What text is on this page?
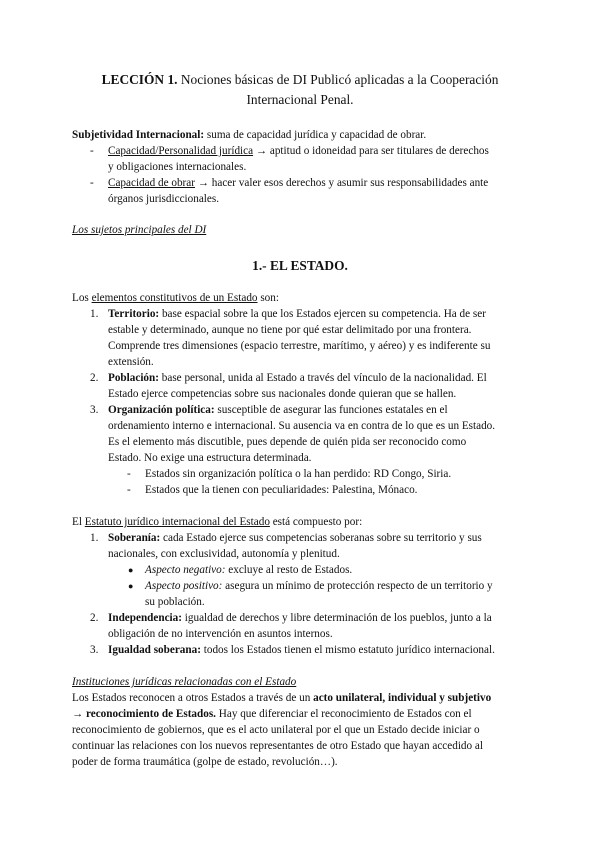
LECCIÓN 1. Nociones básicas de DI Publicó aplicadas a la Cooperación
Internacional Penal.
Subjetividad Internacional: suma de capacidad jurídica y capacidad de obrar.
- Capacidad/Personalidad jurídica → aptitud o idoneidad para ser titulares de derechos
y obligaciones internacionales.
- Capacidad de obrar → hacer valer esos derechos y asumir sus responsabilidades ante
órganos jurisdiccionales.
Los sujetos principales del DI
1.- EL ESTADO.
Los elementos constitutivos de un Estado son:
1. Territorio: base espacial sobre la que los Estados ejercen su competencia. Ha de ser
estable y determinado, aunque no tiene por qué estar delimitado por una frontera.
Comprende tres dimensiones (espacio terrestre, marítimo, y aéreo) y es indiferente su
extensión.
2. Población: base personal, unida al Estado a través del vínculo de la nacionalidad. El
Estado ejerce competencias sobre sus nacionales donde quieran que se hallen.
3. Organización política: susceptible de asegurar las funciones estatales en el
ordenamiento interno e internacional. Su ausencia va en contra de lo que es un Estado.
Es el elemento más discutible, pues depende de quién pida ser reconocido como
Estado. No exige una estructura determinada.
- Estados sin organización política o la han perdido: RD Congo, Siria.
- Estados que la tienen con peculiaridades: Palestina, Mónaco.
El Estatuto jurídico internacional del Estado está compuesto por:
1. Soberanía: cada Estado ejerce sus competencias soberanas sobre su territorio y sus
nacionales, con exclusividad, autonomía y plenitud.
● Aspecto negativo: excluye al resto de Estados.
● Aspecto positivo: asegura un mínimo de protección respecto de un territorio y
su población.
2. Independencia: igualdad de derechos y libre determinación de los pueblos, junto a la
obligación de no intervención en asuntos internos.
3. Igualdad soberana: todos los Estados tienen el mismo estatuto jurídico internacional.
Instituciones jurídicas relacionadas con el Estado
Los Estados reconocen a otros Estados a través de un acto unilateral, individual y subjetivo
→ reconocimiento de Estados. Hay que diferenciar el reconocimiento de Estados con el
reconocimiento de gobiernos, que es el acto unilateral por el que un Estado decide iniciar o
continuar las relaciones con los nuevos representantes de otro Estado que hayan accedido al
poder de forma traumática (golpe de estado, revolución…).
